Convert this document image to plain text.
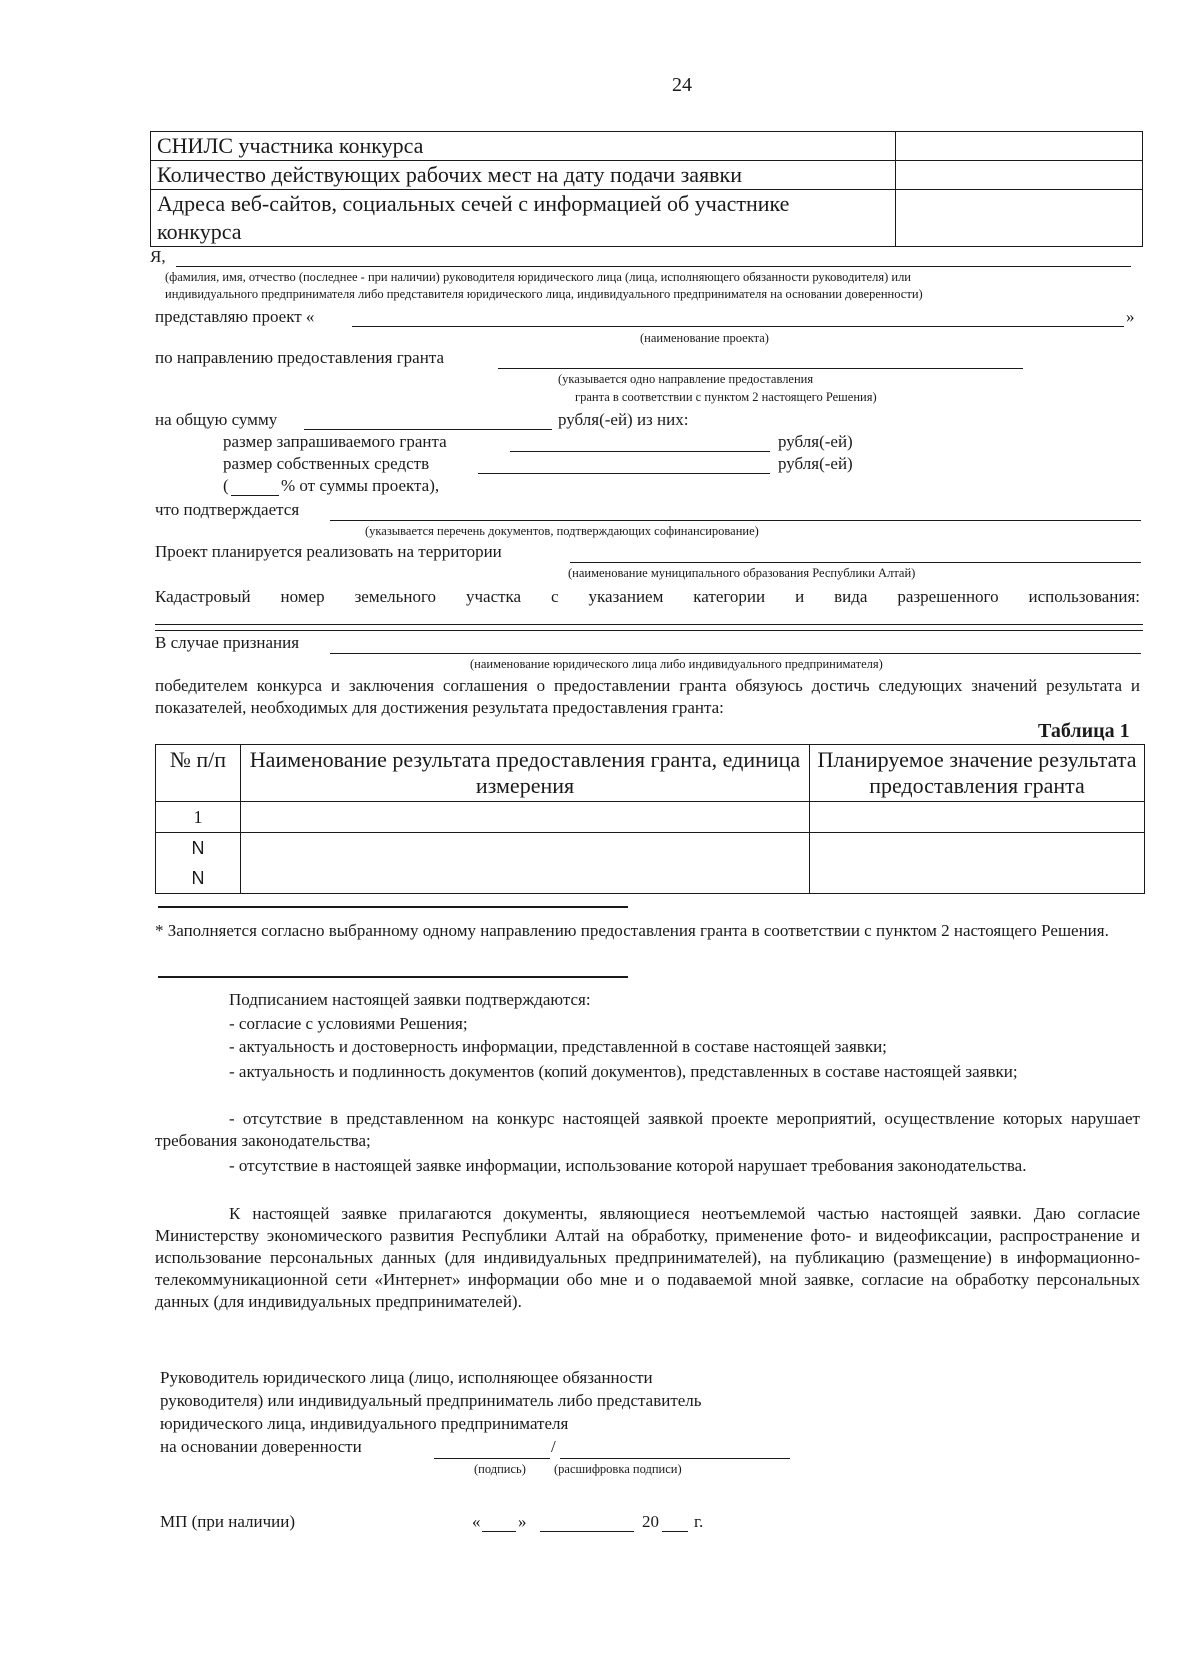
24
СНИЛС участника конкурса	
Количество действующих рабочих мест на дату подачи заявки	
Адреса веб-сайтов, социальных сечей с информацией об участнике конкурса	
Я,
(фамилия, имя, отчество (последнее - при наличии) руководителя юридического лица (лица, исполняющего обязанности руководителя) или
индивидуального предпринимателя либо представителя юридического лица, индивидуального предпринимателя на основании доверенности)
представляю проект «	»
(наименование проекта)
по направлению предоставления гранта
(указывается одно направление предоставления
гранта в соответствии с пунктом 2 настоящего Решения)
на общую сумму	рубля(-ей) из них:
размер запрашиваемого гранта	рубля(-ей)
размер собственных средств	рубля(-ей)
(	% от суммы проекта),
что подтверждается
(указывается перечень документов, подтверждающих софинансирование)
Проект планируется реализовать на территории
(наименование муниципального образования Республики Алтай)
Кадастровый номер земельного участка с указанием категории и вида разрешенного использования:
В случае признания
(наименование юридического лица либо индивидуального предпринимателя)
победителем конкурса и заключения соглашения о предоставлении гранта обязуюсь достичь следующих значений результата и показателей, необходимых для достижения результата предоставления гранта:
Таблица 1
№ п/п	Наименование результата предоставления гранта, единица измерения	Планируемое значение результата предоставления гранта
1		
N		
N		
* Заполняется согласно выбранному одному направлению предоставления гранта в соответствии с пунктом 2 настоящего Решения.
Подписанием настоящей заявки подтверждаются:
- согласие с условиями Решения;
- актуальность и достоверность информации, представленной в составе настоящей заявки;
- актуальность и подлинность документов (копий документов), представленных в составе настоящей заявки;
- отсутствие в представленном на конкурс настоящей заявкой проекте мероприятий, осуществление которых нарушает требования законодательства;
- отсутствие в настоящей заявке информации, использование которой нарушает требования законодательства.
К настоящей заявке прилагаются документы, являющиеся неотъемлемой частью настоящей заявки. Даю согласие Министерству экономического развития Республики Алтай на обработку, применение фото- и видеофиксации, распространение и использование персональных данных (для индивидуальных предпринимателей), на публикацию (размещение) в информационно-телекоммуникационной сети «Интернет» информации обо мне и о подаваемой мной заявке, согласие на обработку персональных данных (для индивидуальных предпринимателей).
Руководитель юридического лица (лицо, исполняющее обязанности
руководителя) или индивидуальный предприниматель либо представитель
юридического лица, индивидуального предпринимателя
на основании доверенности	/
(подпись) (расшифровка подписи)
МП (при наличии)	« »	20 г.
